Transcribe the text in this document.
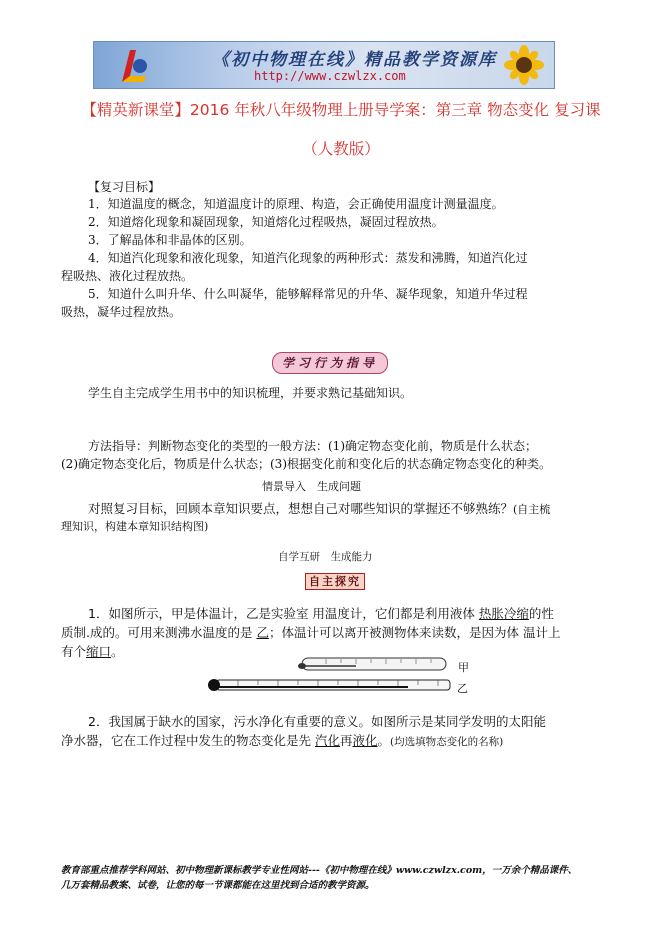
《初中物理在线》精品教学资源库
http://www.czwlzx.com
【精英新课堂】2016 年秋八年级物理上册导学案：第三章 物态变化 复习课
（人教版）
【复习目标】
1．知道温度的概念，知道温度计的原理、构造，会正确使用温度计测量温度。
2．知道熔化现象和凝固现象，知道熔化过程吸热，凝固过程放热。
3．了解晶体和非晶体的区别。
4．知道汽化现象和液化现象，知道汽化现象的两种形式：蒸发和沸腾，知道汽化过
程吸热、液化过程放热。
5．知道什么叫升华、什么叫凝华，能够解释常见的升华、凝华现象，知道升华过程
吸热，凝华过程放热。
学习行为指导
学生自主完成学生用书中的知识梳理，并要求熟记基础知识。
方法指导：判断物态变化的类型的一般方法：(1)确定物态变化前，物质是什么状态；
(2)确定物态变化后，物质是什么状态；(3)根据变化前和变化后的状态确定物态变化的种类。
情景导入　生成问题
对照复习目标，回顾本章知识要点，想想自己对哪些知识的掌握还不够熟练？(自主梳
理知识，构建本章知识结构图)
自学互研　生成能力
自主探究
1．如图所示，甲是体温计，乙是实验室 用温度计，它们都是利用液体 热胀冷缩的性
质制.成的。可用来测沸水温度的是 乙；体温计可以离开被测物体来读数，是因为体 温计上
有个缩口。
甲
乙
2．我国属于缺水的国家，污水净化有重要的意义。如图所示是某同学发明的太阳能
净水器，它在工作过程中发生的物态变化是先 汽化再液化。(均选填物态变化的名称)
教育部重点推荐学科网站、初中物理新课标教学专业性网站---《初中物理在线》www.czwlzx.com，一万余个精品课件、
几万套精品教案、试卷，让您的每一节课都能在这里找到合适的教学资源。
